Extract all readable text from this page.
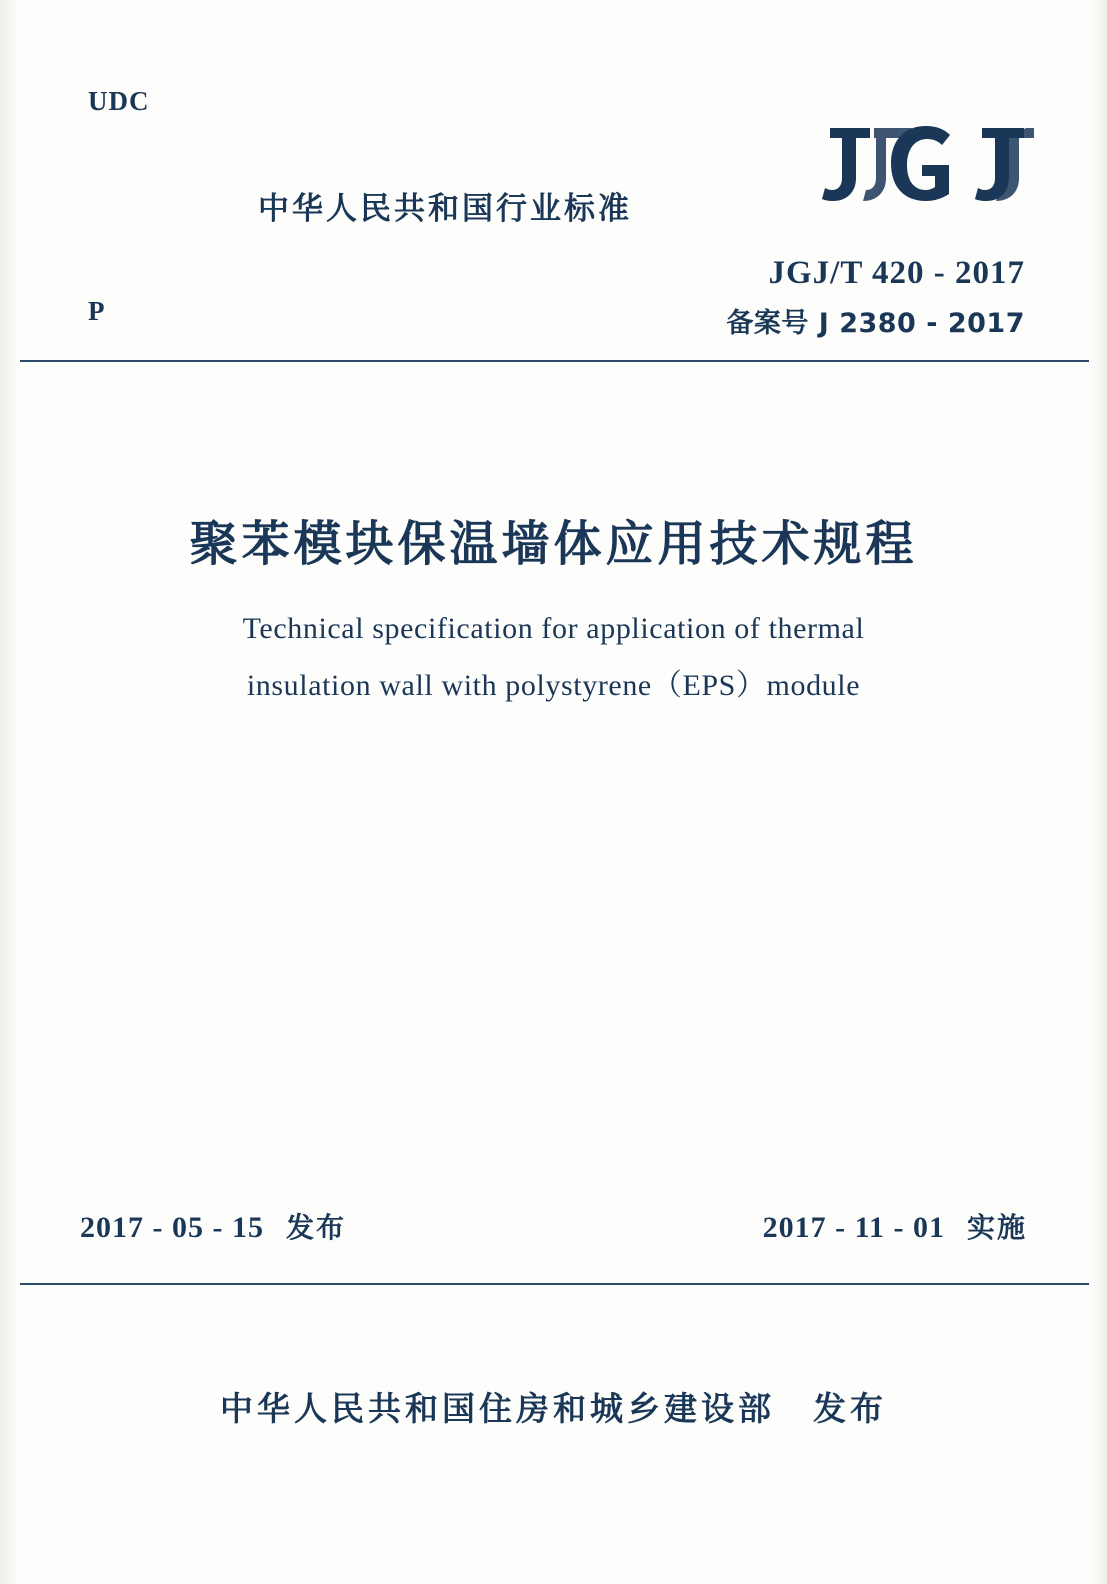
UDC
P
中华人民共和国行业标准
JGJ/T 420 - 2017
备案号 J 2380 - 2017
聚苯模块保温墙体应用技术规程
Technical specification for application of thermal
insulation wall with polystyrene（EPS）module
2017 - 05 - 15 发布	2017 - 11 - 01 实施
中华人民共和国住房和城乡建设部 发布
